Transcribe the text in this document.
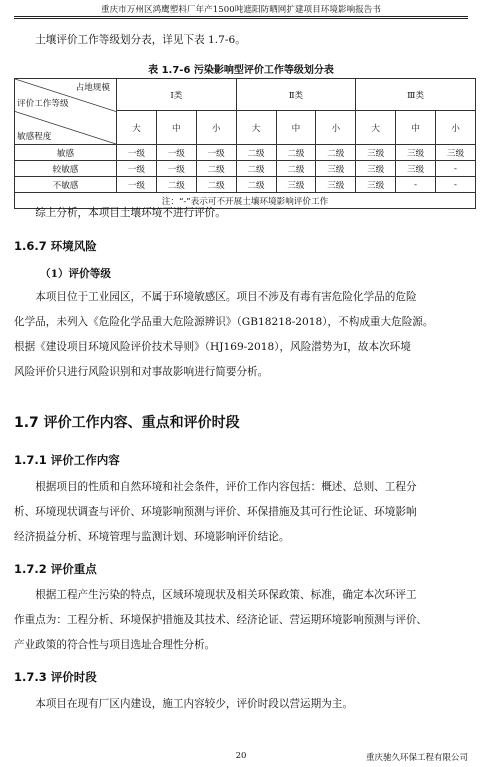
重庆市万州区鸿鹰塑料厂年产1500吨遮阳防晒网扩建项目环境影响报告书
土壤评价工作等级划分表，详见下表 1.7-6。
表 1.7-6 污染影响型评价工作等级划分表
占地规模
评价工作等级
敏感程度	Ⅰ类			Ⅱ类			Ⅲ类		
	大	中	小	大	中	小	大	中	小
敏感	一级	一级	一级	二级	二级	二级	三级	三级	三级
较敏感	一级	一级	二级	二级	二级	三级	三级	三级	-
不敏感	一级	二级	二级	二级	三级	三级	三级	-	-
注：“-”表示可不开展土壤环境影响评价工作									
综上分析，本项目土壤环境不进行评价。
1.6.7 环境风险
（1）评价等级
本项目位于工业园区，不属于环境敏感区。项目不涉及有毒有害危险化学品的危险
化学品，未列入《危险化学品重大危险源辨识》（GB18218-2018），不构成重大危险源。
根据《建设项目环境风险评价技术导则》（HJ169-2018），风险潜势为Ⅰ，故本次环境
风险评价只进行风险识别和对事故影响进行简要分析。
1.7 评价工作内容、重点和评价时段
1.7.1 评价工作内容
根据项目的性质和自然环境和社会条件，评价工作内容包括：概述、总则、工程分
析、环境现状调查与评价、环境影响预测与评价、环保措施及其可行性论证、环境影响
经济损益分析、环境管理与监测计划、环境影响评价结论。
1.7.2 评价重点
根据工程产生污染的特点，区域环境现状及相关环保政策、标准，确定本次环评工
作重点为：工程分析、环境保护措施及其技术、经济论证、营运期环境影响预测与评价、
产业政策的符合性与项目选址合理性分析。
1.7.3 评价时段
本项目在现有厂区内建设，施工内容较少，评价时段以营运期为主。
20	重庆驰久环保工程有限公司
